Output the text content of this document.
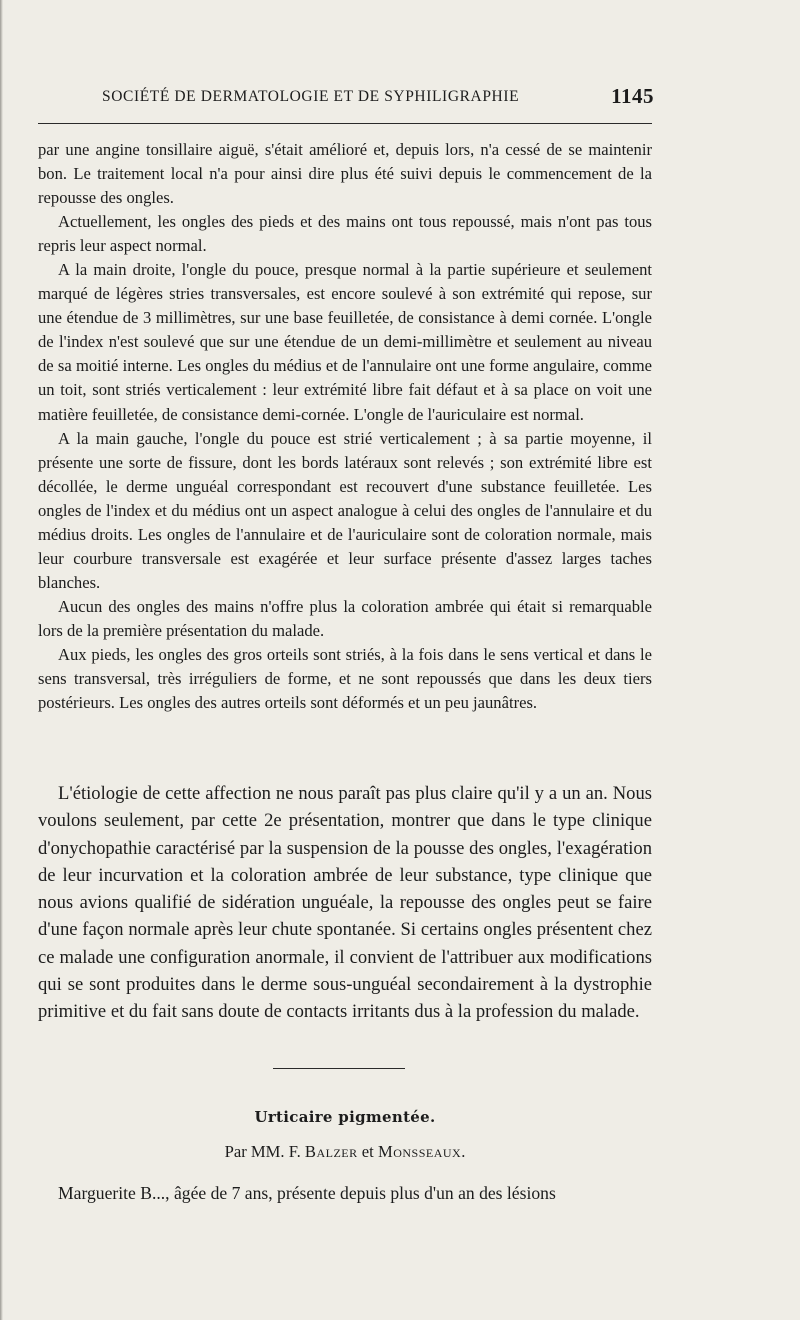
SOCIÉTÉ DE DERMATOLOGIE ET DE SYPHILIGRAPHIE	1145

par une angine tonsillaire aiguë, s'était amélioré et, depuis lors, n'a cessé de se maintenir bon. Le traitement local n'a pour ainsi dire plus été suivi depuis le commencement de la repousse des ongles.

Actuellement, les ongles des pieds et des mains ont tous repoussé, mais n'ont pas tous repris leur aspect normal.

A la main droite, l'ongle du pouce, presque normal à la partie supérieure et seulement marqué de légères stries transversales, est encore soulevé à son extrémité qui repose, sur une étendue de 3 millimètres, sur une base feuilletée, de consistance à demi cornée. L'ongle de l'index n'est soulevé que sur une étendue de un demi-millimètre et seulement au niveau de sa moitié interne. Les ongles du médius et de l'annulaire ont une forme angulaire, comme un toit, sont striés verticalement : leur extrémité libre fait défaut et à sa place on voit une matière feuilletée, de consistance demi-cornée. L'ongle de l'auriculaire est normal.

A la main gauche, l'ongle du pouce est strié verticalement ; à sa partie moyenne, il présente une sorte de fissure, dont les bords latéraux sont relevés ; son extrémité libre est décollée, le derme unguéal correspondant est recouvert d'une substance feuilletée. Les ongles de l'index et du médius ont un aspect analogue à celui des ongles de l'annulaire et du médius droits. Les ongles de l'annulaire et de l'auriculaire sont de coloration normale, mais leur courbure transversale est exagérée et leur surface présente d'assez larges taches blanches.

Aucun des ongles des mains n'offre plus la coloration ambrée qui était si remarquable lors de la première présentation du malade.

Aux pieds, les ongles des gros orteils sont striés, à la fois dans le sens vertical et dans le sens transversal, très irréguliers de forme, et ne sont repoussés que dans les deux tiers postérieurs. Les ongles des autres orteils sont déformés et un peu jaunâtres.

L'étiologie de cette affection ne nous paraît pas plus claire qu'il y a un an. Nous voulons seulement, par cette 2e présentation, montrer que dans le type clinique d'onychopathie caractérisé par la suspension de la pousse des ongles, l'exagération de leur incurvation et la coloration ambrée de leur substance, type clinique que nous avions qualifié de sidération unguéale, la repousse des ongles peut se faire d'une façon normale après leur chute spontanée. Si certains ongles présentent chez ce malade une configuration anormale, il convient de l'attribuer aux modifications qui se sont produites dans le derme sous-unguéal secondairement à la dystrophie primitive et du fait sans doute de contacts irritants dus à la profession du malade.

Urticaire pigmentée.
Par MM. F. Balzer et Monsseaux.
Marguerite B..., âgée de 7 ans, présente depuis plus d'un an des lésions
